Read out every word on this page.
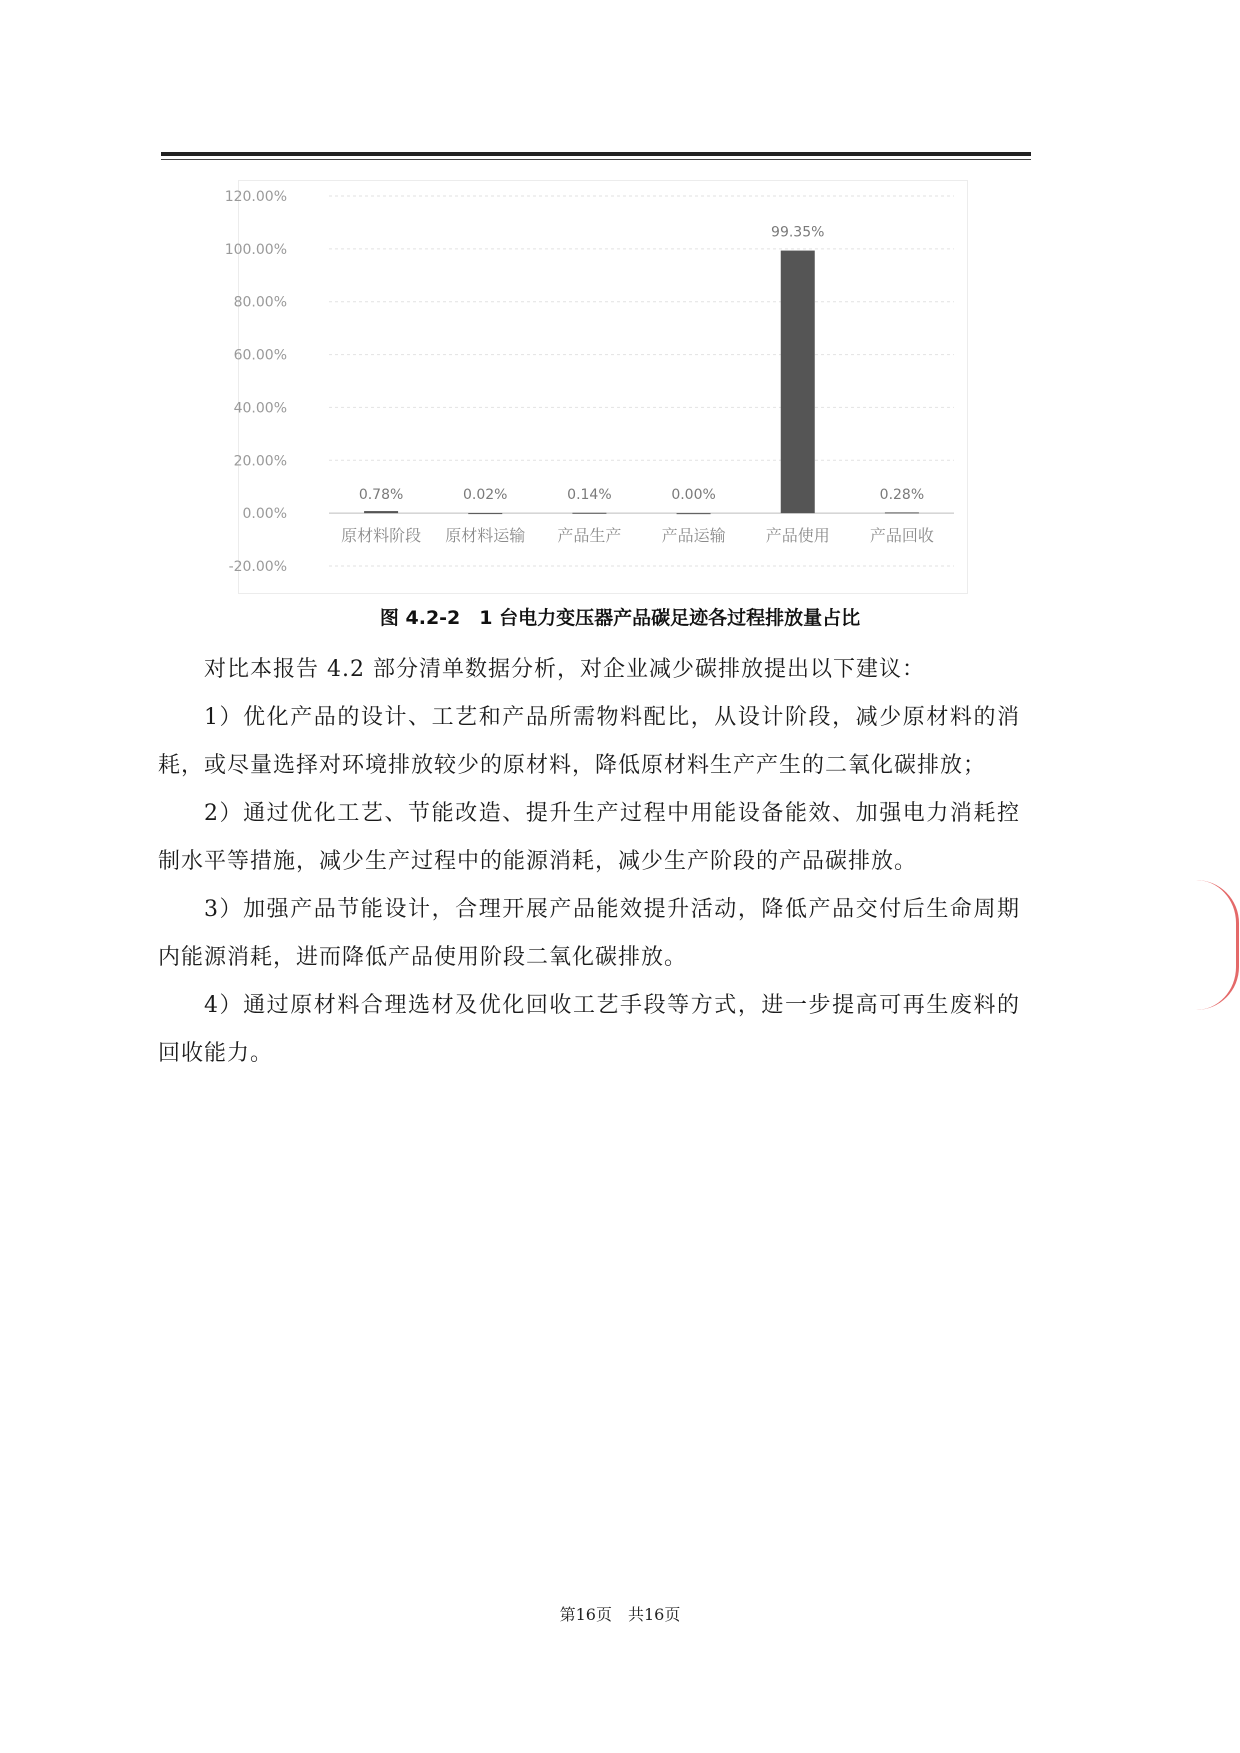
-20.00%
0.00%
20.00%
40.00%
60.00%
80.00%
100.00%
120.00%
0.78%
原材料阶段
0.02%
原材料运输
0.14%
产品生产
0.00%
产品运输
99.35%
产品使用
0.28%
产品回收
图 4.2-2　1 台电力变压器产品碳足迹各过程排放量占比

对比本报告 4.2 部分清单数据分析，对企业减少碳排放提出以下建议：

1）优化产品的设计、工艺和产品所需物料配比，从设计阶段，减少原材料的消耗，或尽量选择对环境排放较少的原材料，降低原材料生产产生的二氧化碳排放；

2）通过优化工艺、节能改造、提升生产过程中用能设备能效、加强电力消耗控制水平等措施，减少生产过程中的能源消耗，减少生产阶段的产品碳排放。

3）加强产品节能设计，合理开展产品能效提升活动，降低产品交付后生命周期内能源消耗，进而降低产品使用阶段二氧化碳排放。

4）通过原材料合理选材及优化回收工艺手段等方式，进一步提高可再生废料的回收能力。

第16页　共16页
